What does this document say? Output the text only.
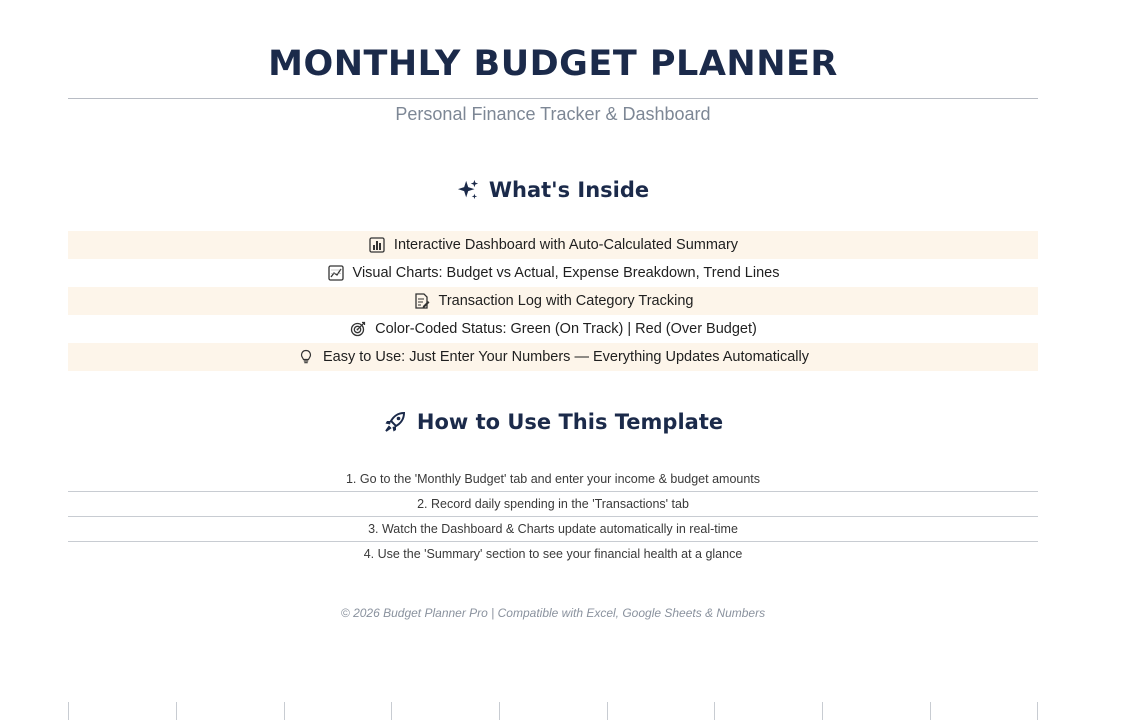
MONTHLY BUDGET PLANNER
Personal Finance Tracker & Dashboard
What's Inside
Interactive Dashboard with Auto-Calculated Summary
Visual Charts: Budget vs Actual, Expense Breakdown, Trend Lines
Transaction Log with Category Tracking
Color-Coded Status: Green (On Track) | Red (Over Budget)
Easy to Use: Just Enter Your Numbers — Everything Updates Automatically
How to Use This Template
1. Go to the 'Monthly Budget' tab and enter your income & budget amounts
2. Record daily spending in the 'Transactions' tab
3. Watch the Dashboard & Charts update automatically in real-time
4. Use the 'Summary' section to see your financial health at a glance
© 2026 Budget Planner Pro | Compatible with Excel, Google Sheets & Numbers
